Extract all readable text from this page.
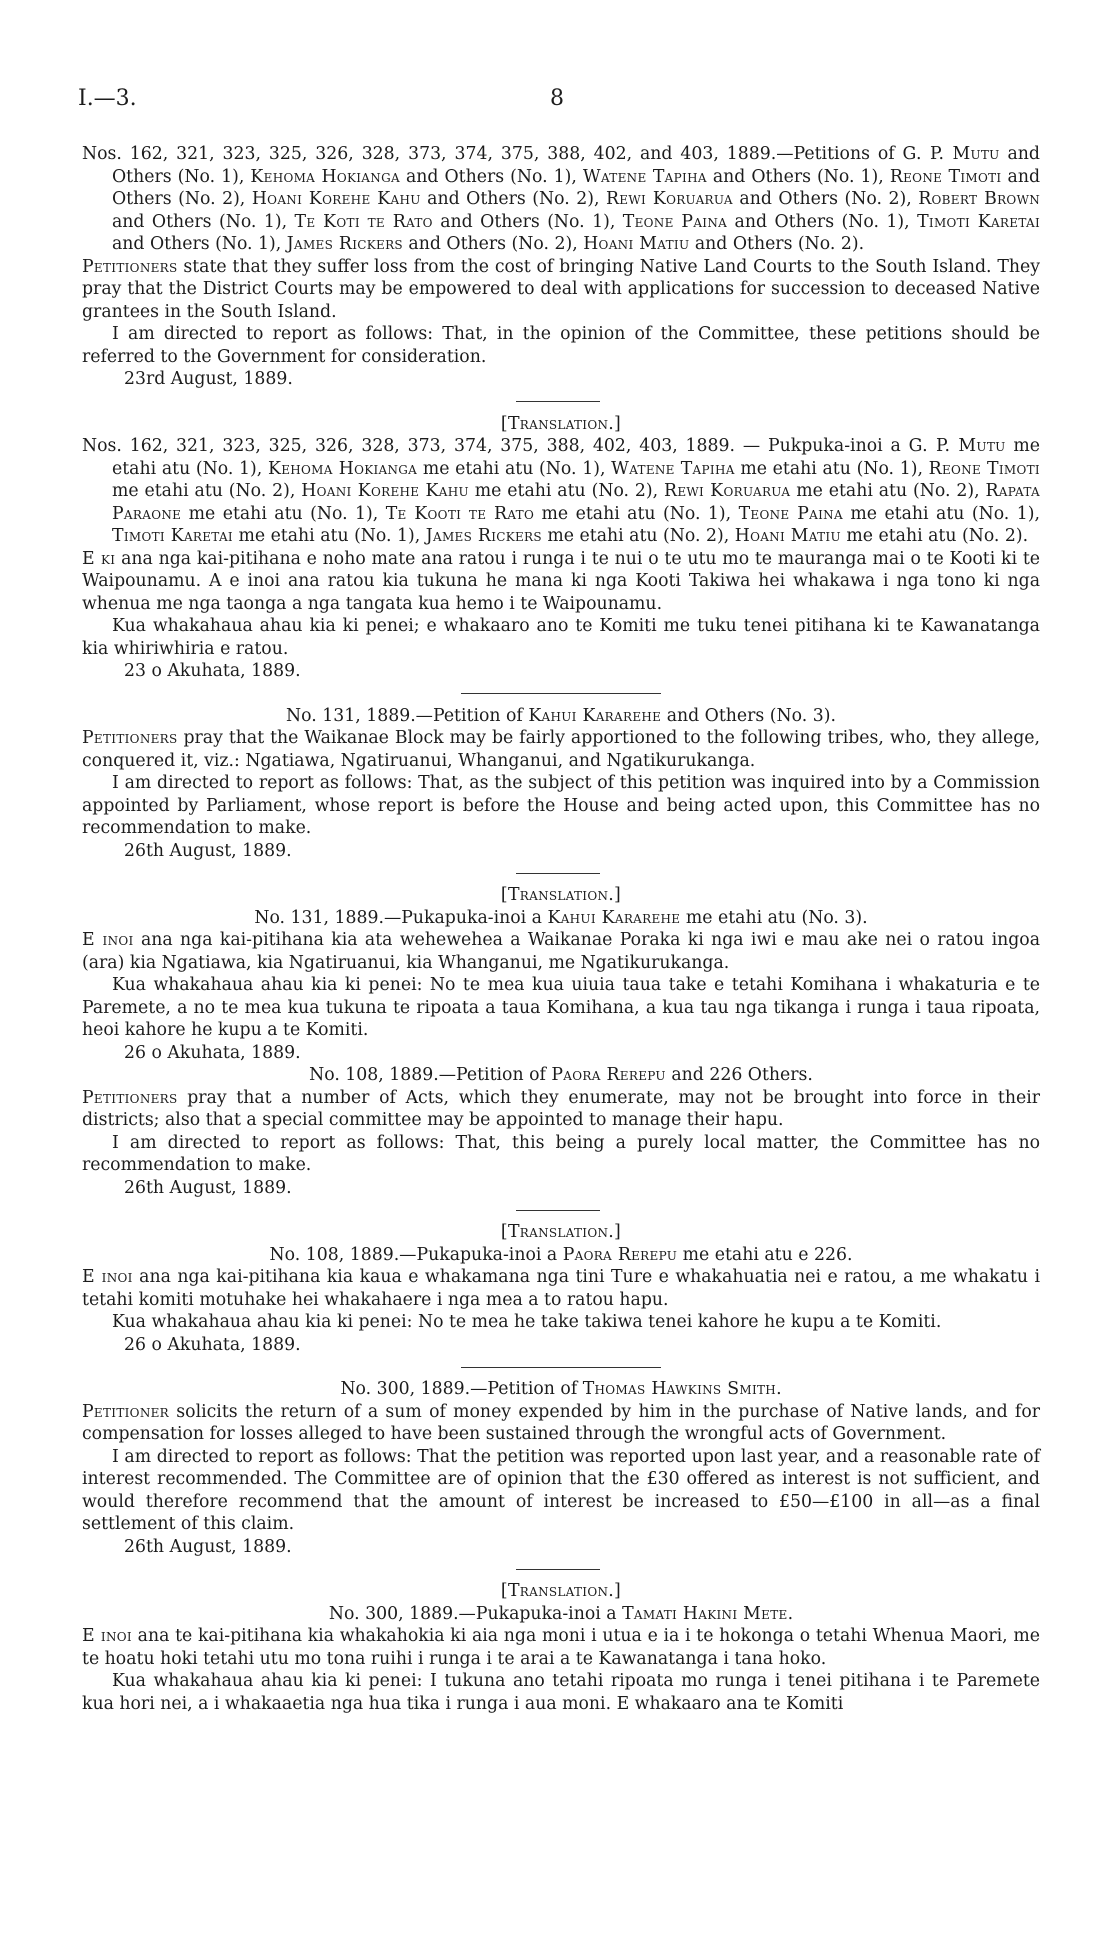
I.—3.	8

Nos. 162, 321, 323, 325, 326, 328, 373, 374, 375, 388, 402, and 403, 1889.—Petitions of G. P. Mutu and Others (No. 1), Kehoma Hokianga and Others (No. 1), Watene Tapiha and Others (No. 1), Reone Timoti and Others (No. 2), Hoani Korehe Kahu and Others (No. 2), Rewi Koruarua and Others (No. 2), Robert Brown and Others (No. 1), Te Koti te Rato and Others (No. 1), Teone Paina and Others (No. 1), Timoti Karetai and Others (No. 1), James Rickers and Others (No. 2), Hoani Matiu and Others (No. 2).

Petitioners state that they suffer loss from the cost of bringing Native Land Courts to the South Island. They pray that the District Courts may be empowered to deal with applications for succession to deceased Native grantees in the South Island.

I am directed to report as follows: That, in the opinion of the Committee, these petitions should be referred to the Government for consideration.

23rd August, 1889.

[Translation.]

Nos. 162, 321, 323, 325, 326, 328, 373, 374, 375, 388, 402, 403, 1889. — Pukpuka-inoi a G. P. Mutu me etahi atu (No. 1), Kehoma Hokianga me etahi atu (No. 1), Watene Tapiha me etahi atu (No. 1), Reone Timoti me etahi atu (No. 2), Hoani Korehe Kahu me etahi atu (No. 2), Rewi Koruarua me etahi atu (No. 2), Rapata Paraone me etahi atu (No. 1), Te Kooti te Rato me etahi atu (No. 1), Teone Paina me etahi atu (No. 1), Timoti Karetai me etahi atu (No. 1), James Rickers me etahi atu (No. 2), Hoani Matiu me etahi atu (No. 2).

E ki ana nga kai-pitihana e noho mate ana ratou i runga i te nui o te utu mo te mauranga mai o te Kooti ki te Waipounamu. A e inoi ana ratou kia tukuna he mana ki nga Kooti Takiwa hei whakawa i nga tono ki nga whenua me nga taonga a nga tangata kua hemo i te Waipounamu.

Kua whakahaua ahau kia ki penei; e whakaaro ano te Komiti me tuku tenei pitihana ki te Kawanatanga kia whiriwhiria e ratou.

23 o Akuhata, 1889.

No. 131, 1889.—Petition of Kahui Kararehe and Others (No. 3).

Petitioners pray that the Waikanae Block may be fairly apportioned to the following tribes, who, they allege, conquered it, viz.: Ngatiawa, Ngatiruanui, Whanganui, and Ngatikurukanga.

I am directed to report as follows: That, as the subject of this petition was inquired into by a Commission appointed by Parliament, whose report is before the House and being acted upon, this Committee has no recommendation to make.

26th August, 1889.

[Translation.]

No. 131, 1889.—Pukapuka-inoi a Kahui Kararehe me etahi atu (No. 3).

E inoi ana nga kai-pitihana kia ata wehewehea a Waikanae Poraka ki nga iwi e mau ake nei o ratou ingoa (ara) kia Ngatiawa, kia Ngatiruanui, kia Whanganui, me Ngatikurukanga.

Kua whakahaua ahau kia ki penei: No te mea kua uiuia taua take e tetahi Komihana i whakaturia e te Paremete, a no te mea kua tukuna te ripoata a taua Komihana, a kua tau nga tikanga i runga i taua ripoata, heoi kahore he kupu a te Komiti.

26 o Akuhata, 1889.

No. 108, 1889.—Petition of Paora Rerepu and 226 Others.

Petitioners pray that a number of Acts, which they enumerate, may not be brought into force in their districts; also that a special committee may be appointed to manage their hapu.

I am directed to report as follows: That, this being a purely local matter, the Committee has no recommendation to make.

26th August, 1889.

[Translation.]

No. 108, 1889.—Pukapuka-inoi a Paora Rerepu me etahi atu e 226.

E inoi ana nga kai-pitihana kia kaua e whakamana nga tini Ture e whakahuatia nei e ratou, a me whakatu i tetahi komiti motuhake hei whakahaere i nga mea a to ratou hapu.

Kua whakahaua ahau kia ki penei: No te mea he take takiwa tenei kahore he kupu a te Komiti.

26 o Akuhata, 1889.

No. 300, 1889.—Petition of Thomas Hawkins Smith.

Petitioner solicits the return of a sum of money expended by him in the purchase of Native lands, and for compensation for losses alleged to have been sustained through the wrongful acts of Government.

I am directed to report as follows: That the petition was reported upon last year, and a reasonable rate of interest recommended. The Committee are of opinion that the £30 offered as interest is not sufficient, and would therefore recommend that the amount of interest be increased to £50—£100 in all—as a final settlement of this claim.

26th August, 1889.

[Translation.]

No. 300, 1889.—Pukapuka-inoi a Tamati Hakini Mete.

E inoi ana te kai-pitihana kia whakahokia ki aia nga moni i utua e ia i te hokonga o tetahi Whenua Maori, me te hoatu hoki tetahi utu mo tona ruihi i runga i te arai a te Kawanatanga i tana hoko.

Kua whakahaua ahau kia ki penei: I tukuna ano tetahi ripoata mo runga i tenei pitihana i te Paremete kua hori nei, a i whakaaetia nga hua tika i runga i aua moni. E whakaaro ana te Komiti
